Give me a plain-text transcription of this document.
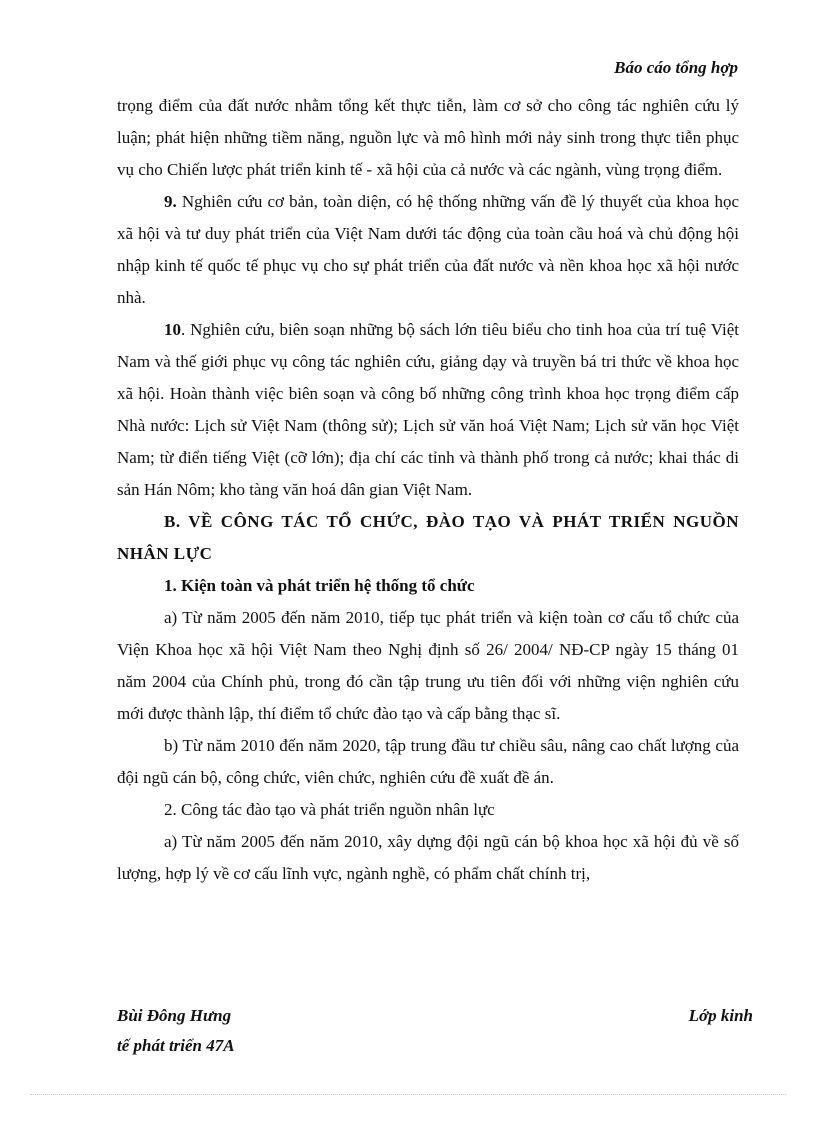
Báo cáo tổng hợp

trọng điểm của đất nước nhằm tổng kết thực tiễn, làm cơ sở cho công tác nghiên cứu lý luận; phát hiện những tiềm năng, nguồn lực và mô hình mới nảy sinh trong thực tiễn phục vụ cho Chiến lược phát triển kinh tế - xã hội của cả nước và các ngành, vùng trọng điểm.

9. Nghiên cứu cơ bản, toàn diện, có hệ thống những vấn đề lý thuyết của khoa học xã hội và tư duy phát triển của Việt Nam dưới tác động của toàn cầu hoá và chủ động hội nhập kinh tế quốc tế phục vụ cho sự phát triển của đất nước và nền khoa học xã hội nước nhà.

10. Nghiên cứu, biên soạn những bộ sách lớn tiêu biểu cho tinh hoa của trí tuệ Việt Nam và thế giới phục vụ công tác nghiên cứu, giảng dạy và truyền bá tri thức về khoa học xã hội. Hoàn thành việc biên soạn và công bố những công trình khoa học trọng điểm cấp Nhà nước: Lịch sử Việt Nam (thông sử); Lịch sử văn hoá Việt Nam; Lịch sử văn học Việt Nam; từ điển tiếng Việt (cỡ lớn); địa chí các tỉnh và thành phố trong cả nước; khai thác di sản Hán Nôm; kho tàng văn hoá dân gian Việt Nam.

B. VỀ CÔNG TÁC TỔ CHỨC, ĐÀO TẠO VÀ PHÁT TRIỂN NGUỒN NHÂN LỰC

1. Kiện toàn và phát triển hệ thống tổ chức

a) Từ năm 2005 đến năm 2010, tiếp tục phát triển và kiện toàn cơ cấu tổ chức của Viện Khoa học xã hội Việt Nam theo Nghị định số 26/ 2004/ NĐ-CP ngày 15 tháng 01 năm 2004 của Chính phủ, trong đó cần tập trung ưu tiên đối với những viện nghiên cứu mới được thành lập, thí điểm tổ chức đào tạo và cấp bằng thạc sĩ.

b) Từ năm 2010 đến năm 2020, tập trung đầu tư chiều sâu, nâng cao chất lượng của đội ngũ cán bộ, công chức, viên chức, nghiên cứu đề xuất đề án.

2. Công tác đào tạo và phát triển nguồn nhân lực

a) Từ năm 2005 đến năm 2010, xây dựng đội ngũ cán bộ khoa học xã hội đủ về số lượng, hợp lý về cơ cấu lĩnh vực, ngành nghề, có phẩm chất chính trị,

Bùi Đông Hưng	Lớp kinh
tế phát triển 47A
